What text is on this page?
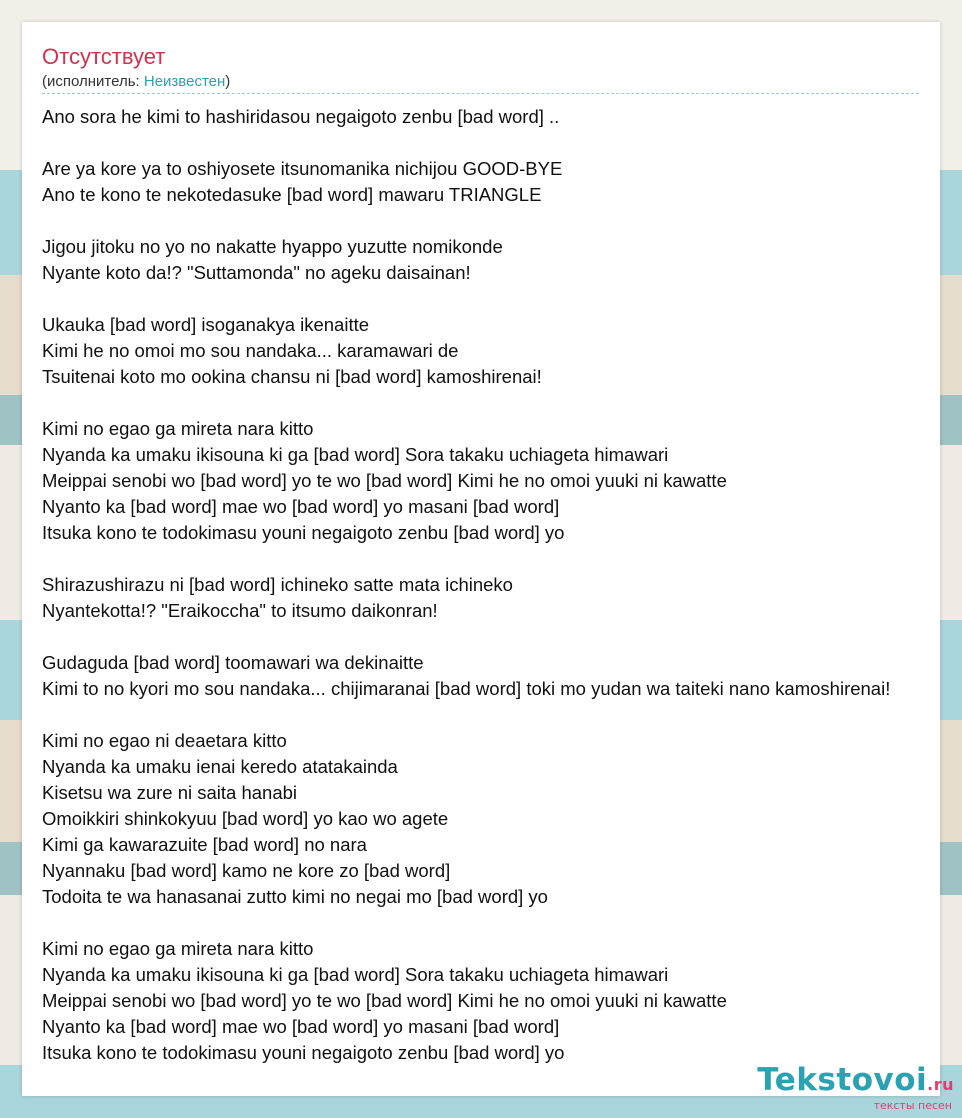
Отсутствует
(исполнитель: Неизвестен)
Ano sora he kimi to hashiridasou negaigoto zenbu [bad word] ..
Are ya kore ya to oshiyosete itsunomanika nichijou GOOD-BYE
Ano te kono te nekotedasuke [bad word] mawaru TRIANGLE
Jigou jitoku no yo no nakatte hyappo yuzutte nomikonde
Nyante koto da!? "Suttamonda" no ageku daisainan!
Ukauka [bad word] isoganakya ikenaitte
Kimi he no omoi mo sou nandaka... karamawari de
Tsuitenai koto mo ookina chansu ni [bad word] kamoshirenai!
Kimi no egao ga mireta nara kitto
Nyanda ka umaku ikisouna ki ga [bad word] Sora takaku uchiageta himawari
Meippai senobi wo [bad word] yo te wo [bad word] Kimi he no omoi yuuki ni kawatte
Nyanto ka [bad word] mae wo [bad word] yo masani [bad word]
Itsuka kono te todokimasu youni negaigoto zenbu [bad word] yo
Shirazushirazu ni [bad word] ichineko satte mata ichineko
Nyantekotta!? "Eraikoccha" to itsumo daikonran!
Gudaguda [bad word] toomawari wa dekinaitte
Kimi to no kyori mo sou nandaka... chijimaranai [bad word] toki mo yudan wa taiteki nano kamoshirenai!
Kimi no egao ni deaetara kitto
Nyanda ka umaku ienai keredo atatakainda
Kisetsu wa zure ni saita hanabi
Omoikkiri shinkokyuu [bad word] yo kao wo agete
Kimi ga kawarazuite [bad word] no nara
Nyannaku [bad word] kamo ne kore zo [bad word]
Todoita te wa hanasanai zutto kimi no negai mo [bad word] yo
Kimi no egao ga mireta nara kitto
Nyanda ka umaku ikisouna ki ga [bad word] Sora takaku uchiageta himawari
Meippai senobi wo [bad word] yo te wo [bad word] Kimi he no omoi yuuki ni kawatte
Nyanto ka [bad word] mae wo [bad word] yo masani [bad word]
Itsuka kono te todokimasu youni negaigoto zenbu [bad word] yo
Tekstovoi.ru
тексты песен
